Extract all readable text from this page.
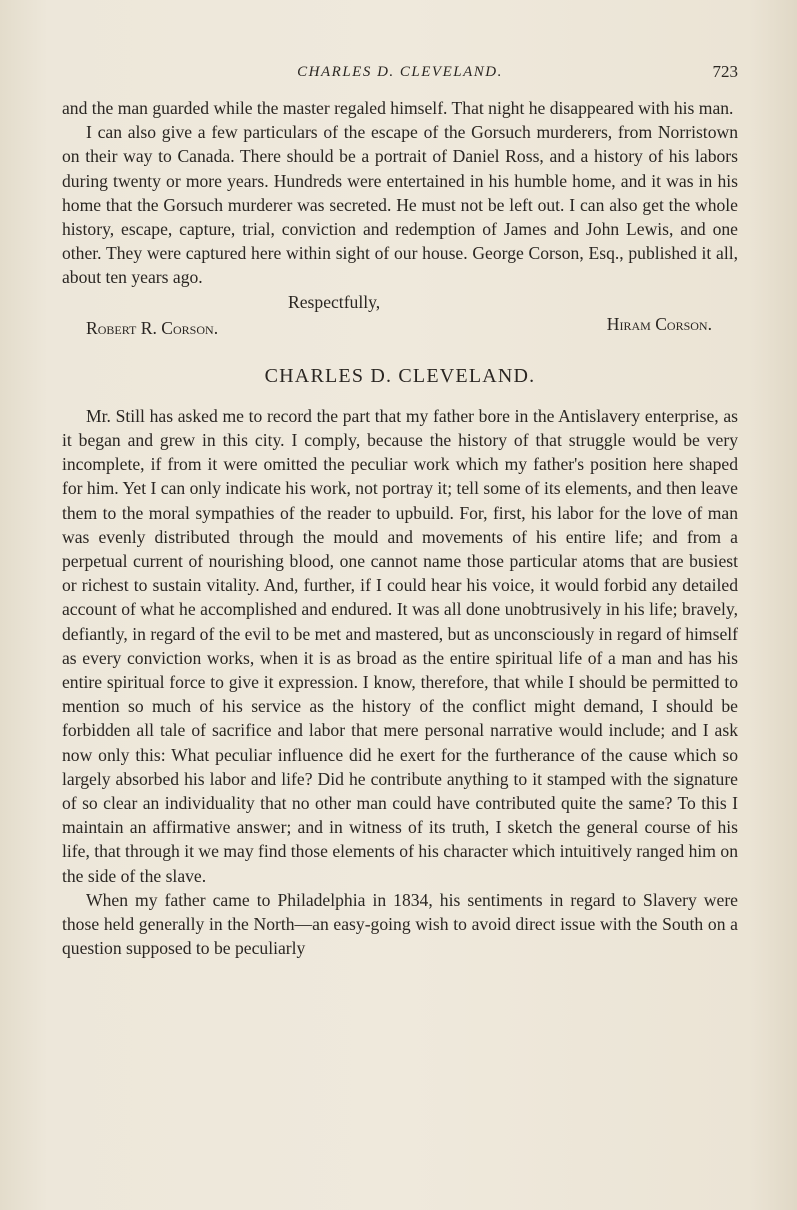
CHARLES D. CLEVELAND.	723

and the man guarded while the master regaled himself. That night he disappeared with his man.

I can also give a few particulars of the escape of the Gorsuch murderers, from Norristown on their way to Canada. There should be a portrait of Daniel Ross, and a history of his labors during twenty or more years. Hundreds were entertained in his humble home, and it was in his home that the Gorsuch murderer was secreted. He must not be left out. I can also get the whole history, escape, capture, trial, conviction and redemption of James and John Lewis, and one other. They were captured here within sight of our house. George Corson, Esq., published it all, about ten years ago.

Respectfully,
Robert R. Corson.	Hiram Corson.
CHARLES D. CLEVELAND.

Mr. Still has asked me to record the part that my father bore in the Antislavery enterprise, as it began and grew in this city. I comply, because the history of that struggle would be very incomplete, if from it were omitted the peculiar work which my father's position here shaped for him. Yet I can only indicate his work, not portray it; tell some of its elements, and then leave them to the moral sympathies of the reader to upbuild. For, first, his labor for the love of man was evenly distributed through the mould and movements of his entire life; and from a perpetual current of nourishing blood, one cannot name those particular atoms that are busiest or richest to sustain vitality. And, further, if I could hear his voice, it would forbid any detailed account of what he accomplished and endured. It was all done unobtrusively in his life; bravely, defiantly, in regard of the evil to be met and mastered, but as unconsciously in regard of himself as every conviction works, when it is as broad as the entire spiritual life of a man and has his entire spiritual force to give it expression. I know, therefore, that while I should be permitted to mention so much of his service as the history of the conflict might demand, I should be forbidden all tale of sacrifice and labor that mere personal narrative would include; and I ask now only this: What peculiar influence did he exert for the furtherance of the cause which so largely absorbed his labor and life? Did he contribute anything to it stamped with the signature of so clear an individuality that no other man could have contributed quite the same? To this I maintain an affirmative answer; and in witness of its truth, I sketch the general course of his life, that through it we may find those elements of his character which intuitively ranged him on the side of the slave.

When my father came to Philadelphia in 1834, his sentiments in regard to Slavery were those held generally in the North—an easy-going wish to avoid direct issue with the South on a question supposed to be peculiarly
